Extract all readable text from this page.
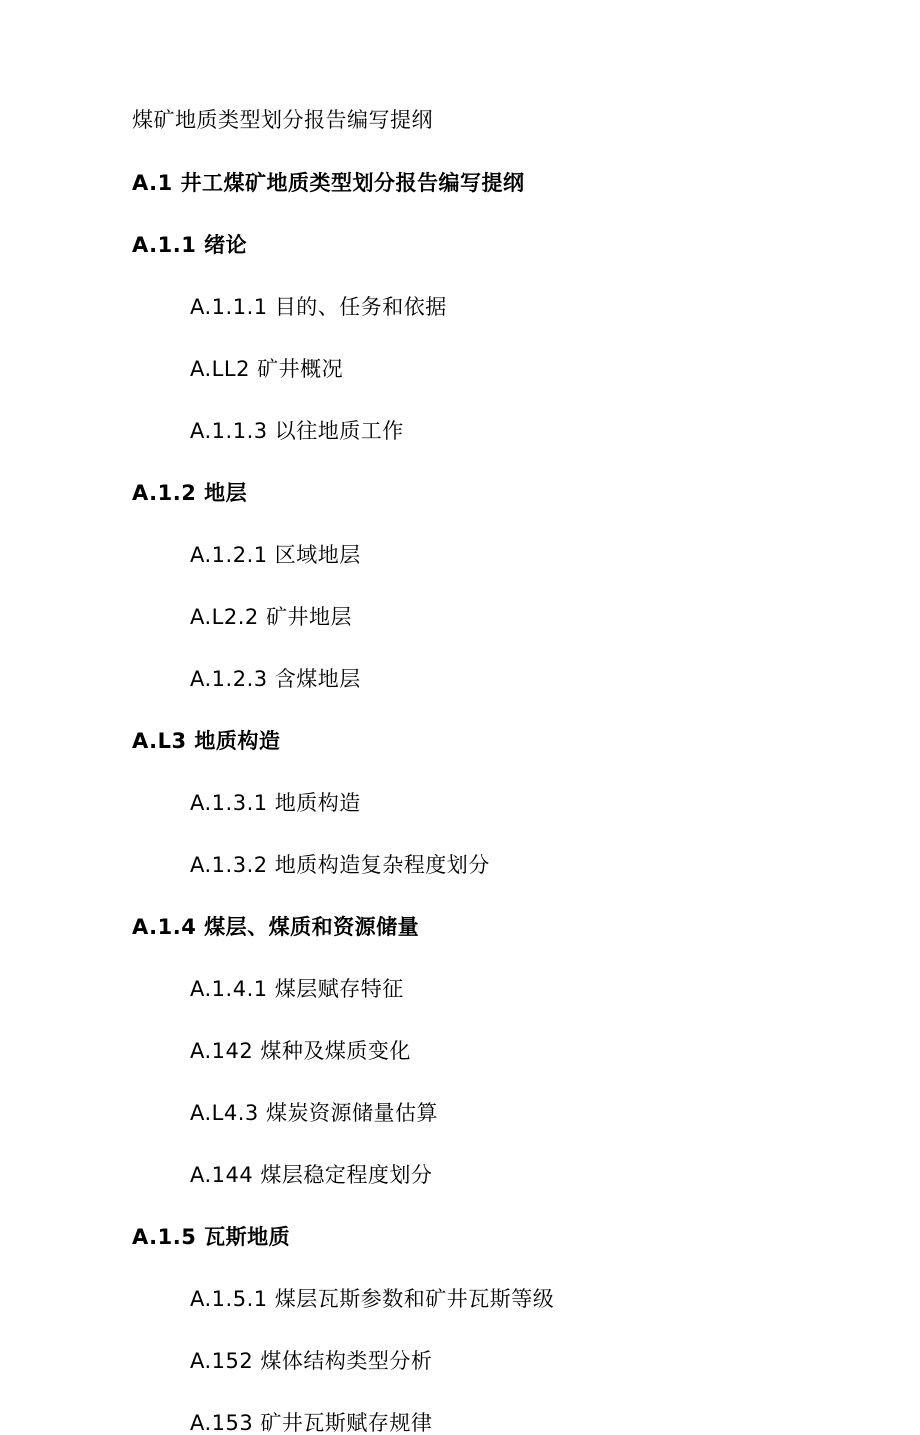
煤矿地质类型划分报告编写提纲
A.1 井工煤矿地质类型划分报告编写提纲
A.1.1 绪论
A.1.1.1 目的、任务和依据
A.LL2 矿井概况
A.1.1.3 以往地质工作
A.1.2 地层
A.1.2.1 区域地层
A.L2.2 矿井地层
A.1.2.3 含煤地层
A.L3 地质构造
A.1.3.1 地质构造
A.1.3.2 地质构造复杂程度划分
A.1.4 煤层、煤质和资源储量
A.1.4.1 煤层赋存特征
A.142 煤种及煤质变化
A.L4.3 煤炭资源储量估算
A.144 煤层稳定程度划分
A.1.5 瓦斯地质
A.1.5.1 煤层瓦斯参数和矿井瓦斯等级
A.152 煤体结构类型分析
A.153 矿井瓦斯赋存规律
